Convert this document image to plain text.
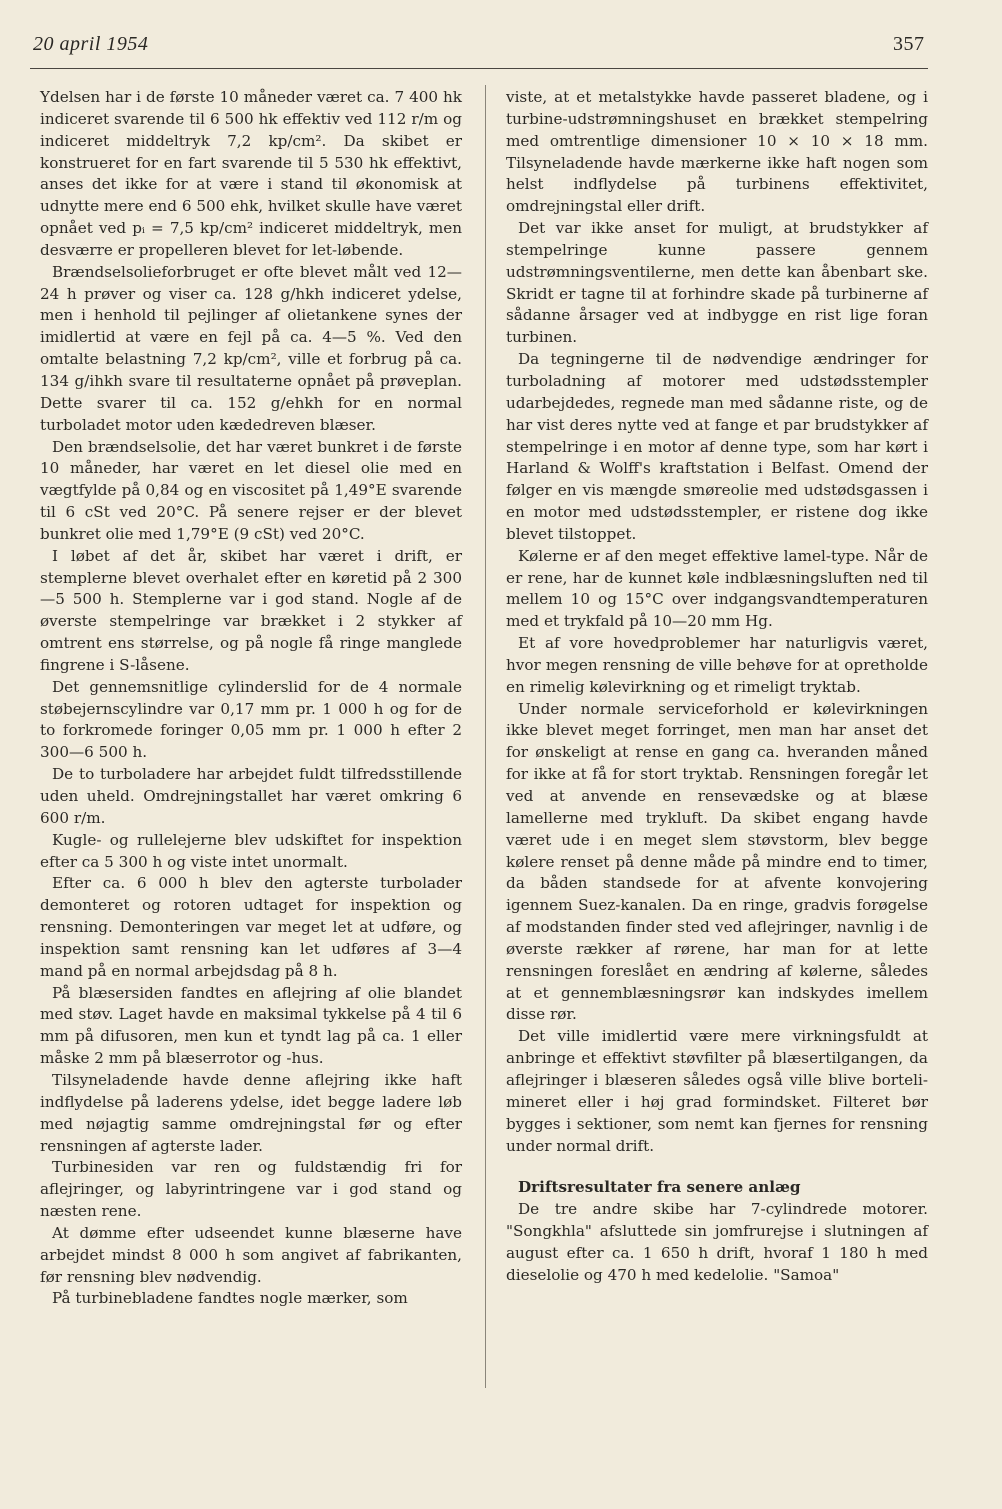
20 april 1954	357

Ydelsen har i de første 10 måneder været ca. 7 400 hk indiceret svarende til 6 500 hk effektiv ved 112 r/m og indiceret middeltryk 7,2 kp/cm². Da skibet er konstrueret for en fart svarende til 5 530 hk effektivt, anses det ikke for at være i stand til økonomisk at udnytte mere end 6 500 ehk, hvilket skulle have været opnået ved pᵢ = 7,5 kp/cm² indiceret middeltryk, men desværre er propelleren blevet for let-løbende.

Brændselsolieforbruget er ofte blevet målt ved 12—24 h prøver og viser ca. 128 g/hkh indiceret ydelse, men i henhold til pejlinger af olietankene synes der imidlertid at være en fejl på ca. 4—5 %. Ved den omtalte belastning 7,2 kp/cm², ville et forbrug på ca. 134 g/ihkh svare til resultaterne opnået på prøveplan. Dette svarer til ca. 152 g/ehkh for en normal turboladet motor uden kædedreven blæser.

Den brændselsolie, det har været bunkret i de første 10 måneder, har været en let diesel olie med en vægtfylde på 0,84 og en viscositet på 1,49°E svarende til 6 cSt ved 20°C. På senere rejser er der blevet bunkret olie med 1,79°E (9 cSt) ved 20°C.

I løbet af det år, skibet har været i drift, er stemplerne blevet overhalet efter en køretid på 2 300—5 500 h. Stemplerne var i god stand. Nogle af de øverste stempelringe var brækket i 2 stykker af omtrent ens størrelse, og på nogle få ringe manglede fingrene i S-låsene.

Det gennemsnitlige cylinderslid for de 4 normale støbejernscylindre var 0,17 mm pr. 1 000 h og for de to forkromede foringer 0,05 mm pr. 1 000 h efter 2 300—6 500 h.

De to turboladere har arbejdet fuldt tilfredsstillende uden uheld. Omdrejningstallet har været omkring 6 600 r/m.

Kugle- og rullelejerne blev udskiftet for inspektion efter ca 5 300 h og viste intet unormalt.

Efter ca. 6 000 h blev den agterste turbolader demonteret og rotoren udtaget for inspektion og rensning. Demonteringen var meget let at udføre, og inspektion samt rensning kan let udføres af 3—4 mand på en normal arbejdsdag på 8 h.

På blæsersiden fandtes en aflejring af olie blandet med støv. Laget havde en maksimal tykkelse på 4 til 6 mm på difusoren, men kun et tyndt lag på ca. 1 eller måske 2 mm på blæserrotor og -hus.

Tilsyneladende havde denne aflejring ikke haft indflydelse på laderens ydelse, idet begge ladere løb med nøjagtig samme omdrejningstal før og efter rensningen af agterste lader.

Turbinesiden var ren og fuldstændig fri for aflejringer, og labyrintringene var i god stand og næsten rene.

At dømme efter udseendet kunne blæserne have arbejdet mindst 8 000 h som angivet af fabrikanten, før rensning blev nødvendig.

På turbinebladene fandtes nogle mærker, som

viste, at et metalstykke havde passeret bladene, og i turbine-udstrømningshuset en brækket stempelring med omtrentlige dimensioner 10 × 10 × 18 mm. Tilsyneladende havde mærkerne ikke haft nogen som helst indflydelse på turbinens effektivitet, omdrejningstal eller drift.

Det var ikke anset for muligt, at brudstykker af stempelringe kunne passere gennem udstrømningsventilerne, men dette kan åbenbart ske. Skridt er tagne til at forhindre skade på turbinerne af sådanne årsager ved at indbygge en rist lige foran turbinen.

Da tegningerne til de nødvendige ændringer for turboladning af motorer med udstødsstempler udarbejdedes, regnede man med sådanne riste, og de har vist deres nytte ved at fange et par brudstykker af stempelringe i en motor af denne type, som har kørt i Harland & Wolff's kraftstation i Belfast. Omend der følger en vis mængde smøreolie med udstødsgassen i en motor med udstødsstempler, er ristene dog ikke blevet tilstoppet.

Kølerne er af den meget effektive lamel-type. Når de er rene, har de kunnet køle indblæsningsluften ned til mellem 10 og 15°C over indgangsvandtemperaturen med et trykfald på 10—20 mm Hg.

Et af vore hovedproblemer har naturligvis været, hvor megen rensning de ville behøve for at opretholde en rimelig kølevirkning og et rimeligt tryktab.

Under normale serviceforhold er kølevirkningen ikke blevet meget forringet, men man har anset det for ønskeligt at rense en gang ca. hveranden måned for ikke at få for stort tryktab. Rensningen foregår let ved at anvende en rensevædske og at blæse lamellerne med trykluft. Da skibet engang havde været ude i en meget slem støvstorm, blev begge kølere renset på denne måde på mindre end to timer, da båden standsede for at afvente konvojering igennem Suez-kanalen. Da en ringe, gradvis forøgelse af modstanden finder sted ved aflejringer, navnlig i de øverste rækker af rørene, har man for at lette rensningen foreslået en ændring af kølerne, således at et gennemblæsningsrør kan indskydes imellem disse rør.

Det ville imidlertid være mere virkningsfuldt at anbringe et effektivt støvfilter på blæsertilgangen, da aflejringer i blæseren således også ville blive bortelimineret eller i høj grad formindsket. Filteret bør bygges i sektioner, som nemt kan fjernes for rensning under normal drift.

Driftsresultater fra senere anlæg

De tre andre skibe har 7-cylindrede motorer. "Songkhla" afsluttede sin jomfrurejse i slutningen af august efter ca. 1 650 h drift, hvoraf 1 180 h med dieselolie og 470 h med kedelolie. "Samoa"
